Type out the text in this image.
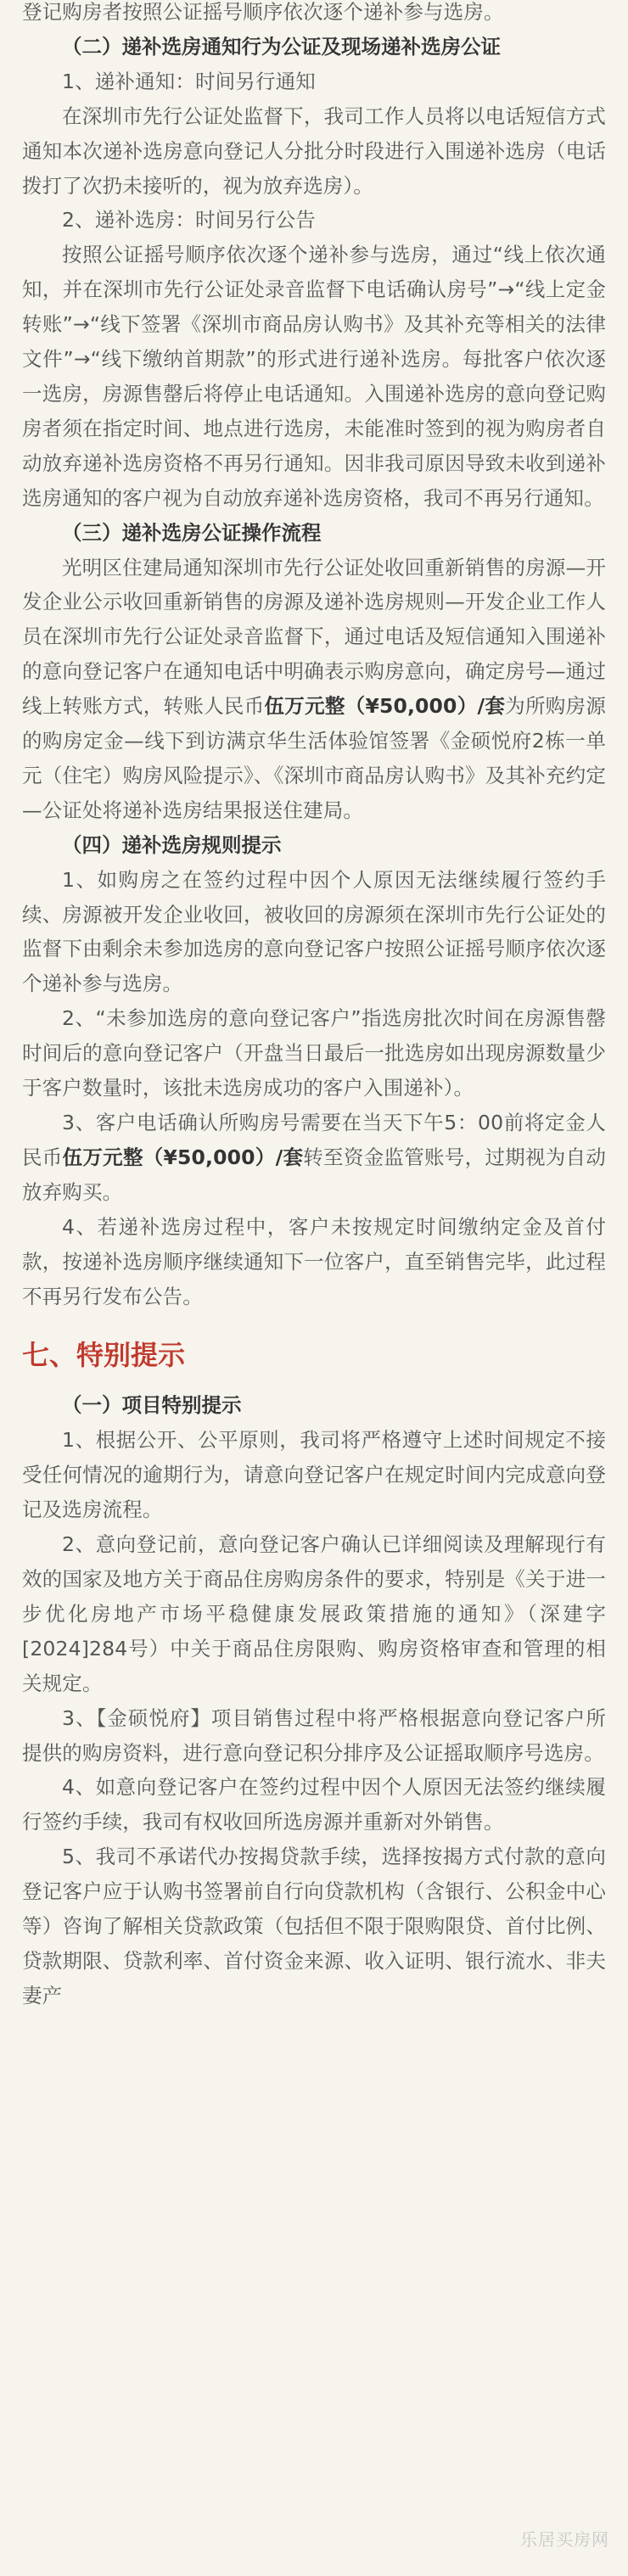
登记购房者按照公证摇号顺序依次逐个递补参与选房。

（二）递补选房通知行为公证及现场递补选房公证

1、递补通知：时间另行通知

在深圳市先行公证处监督下，我司工作人员将以电话短信方式通知本次递补选房意向登记人分批分时段进行入围递补选房（电话拨打了次扔未接听的，视为放弃选房）。

2、递补选房：时间另行公告

按照公证摇号顺序依次逐个递补参与选房，通过“线上依次通知，并在深圳市先行公证处录音监督下电话确认房号”→“线上定金转账”→“线下签署《深圳市商品房认购书》及其补充等相关的法律文件”→“线下缴纳首期款”的形式进行递补选房。每批客户依次逐一选房，房源售罄后将停止电话通知。入围递补选房的意向登记购房者须在指定时间、地点进行选房，未能准时签到的视为购房者自动放弃递补选房资格不再另行通知。因非我司原因导致未收到递补选房通知的客户视为自动放弃递补选房资格，我司不再另行通知。

（三）递补选房公证操作流程

光明区住建局通知深圳市先行公证处收回重新销售的房源—开发企业公示收回重新销售的房源及递补选房规则—开发企业工作人员在深圳市先行公证处录音监督下，通过电话及短信通知入围递补的意向登记客户在通知电话中明确表示购房意向，确定房号—通过线上转账方式，转账人民币伍万元整（¥50,000）/套为所购房源的购房定金—线下到访满京华生活体验馆签署《金硕悦府2栋一单元（住宅）购房风险提示》、《深圳市商品房认购书》及其补充约定—公证处将递补选房结果报送住建局。

（四）递补选房规则提示

1、如购房之在签约过程中因个人原因无法继续履行签约手续、房源被开发企业收回，被收回的房源须在深圳市先行公证处的监督下由剩余未参加选房的意向登记客户按照公证摇号顺序依次逐个递补参与选房。

2、“未参加选房的意向登记客户”指选房批次时间在房源售罄时间后的意向登记客户（开盘当日最后一批选房如出现房源数量少于客户数量时，该批未选房成功的客户入围递补）。

3、客户电话确认所购房号需要在当天下午5：00前将定金人民币伍万元整（¥50,000）/套转至资金监管账号，过期视为自动放弃购买。

4、若递补选房过程中，客户未按规定时间缴纳定金及首付款，按递补选房顺序继续通知下一位客户，直至销售完毕，此过程不再另行发布公告。

七、特别提示

（一）项目特别提示

1、根据公开、公平原则，我司将严格遵守上述时间规定不接受任何情况的逾期行为，请意向登记客户在规定时间内完成意向登记及选房流程。

2、意向登记前，意向登记客户确认已详细阅读及理解现行有效的国家及地方关于商品住房购房条件的要求，特别是《关于进一步优化房地产市场平稳健康发展政策措施的通知》（深建字[2024]284号）中关于商品住房限购、购房资格审查和管理的相关规定。

3、【金硕悦府】项目销售过程中将严格根据意向登记客户所提供的购房资料，进行意向登记积分排序及公证摇取顺序号选房。

4、如意向登记客户在签约过程中因个人原因无法签约继续履行签约手续，我司有权收回所选房源并重新对外销售。

5、我司不承诺代办按揭贷款手续，选择按揭方式付款的意向登记客户应于认购书签署前自行向贷款机构（含银行、公积金中心等）咨询了解相关贷款政策（包括但不限于限购限贷、首付比例、贷款期限、贷款利率、首付资金来源、收入证明、银行流水、非夫妻产

乐居买房网
